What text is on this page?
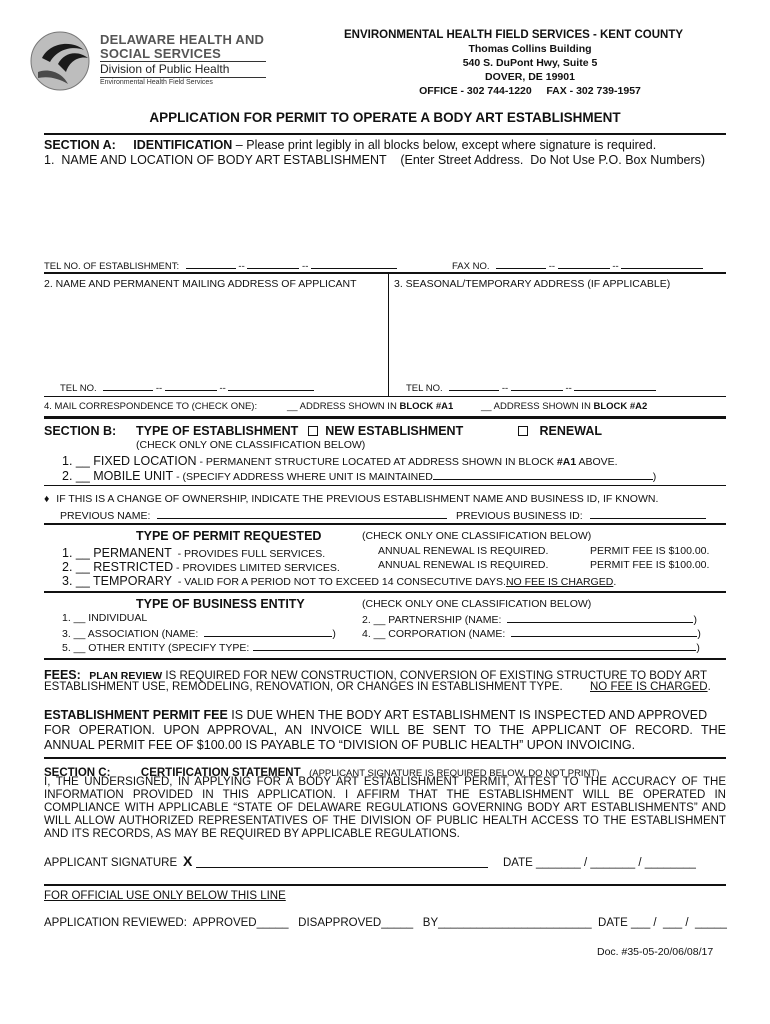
DELAWARE HEALTH AND
SOCIAL SERVICES
Division of Public Health
Environmental Health Field Services
ENVIRONMENTAL HEALTH FIELD SERVICES - KENT COUNTY
Thomas Collins Building
540 S. DuPont Hwy, Suite 5
DOVER, DE 19901
OFFICE - 302 744-1220     FAX - 302 739-1957
APPLICATION FOR PERMIT TO OPERATE A BODY ART ESTABLISHMENT
SECTION A: IDENTIFICATION – Please print legibly in all blocks below, except where signature is required.
1.  NAME AND LOCATION OF BODY ART ESTABLISHMENT    (Enter Street Address.  Do Not Use P.O. Box Numbers)
TEL NO. OF ESTABLISHMENT:	--	--	FAX NO.	--	--
2. NAME AND PERMANENT MAILING ADDRESS OF APPLICANT	3. SEASONAL/TEMPORARY ADDRESS (IF APPLICABLE)
TEL NO.	--	--	TEL NO.	--	--
4. MAIL CORRESPONDENCE TO (CHECK ONE):	__ ADDRESS SHOWN IN BLOCK #A1	__ ADDRESS SHOWN IN BLOCK #A2
SECTION B: TYPE OF ESTABLISHMENT NEW ESTABLISHMENT	RENEWAL
(CHECK ONLY ONE CLASSIFICATION BELOW)
1. __ FIXED LOCATION - PERMANENT STRUCTURE LOCATED AT ADDRESS SHOWN IN BLOCK #A1 ABOVE.
2. __ MOBILE UNIT - (SPECIFY ADDRESS WHERE UNIT IS MAINTAINED	)
♦ IF THIS IS A CHANGE OF OWNERSHIP, INDICATE THE PREVIOUS ESTABLISHMENT NAME AND BUSINESS ID, IF KNOWN.
PREVIOUS NAME:	PREVIOUS BUSINESS ID:
TYPE OF PERMIT REQUESTED	(CHECK ONLY ONE CLASSIFICATION BELOW)
1. __ PERMANENT  - PROVIDES FULL SERVICES.	ANNUAL RENEWAL IS REQUIRED.	PERMIT FEE IS $100.00.
2. __ RESTRICTED - PROVIDES LIMITED SERVICES.	ANNUAL RENEWAL IS REQUIRED.	PERMIT FEE IS $100.00.
3. __ TEMPORARY  - VALID FOR A PERIOD NOT TO EXCEED 14 CONSECUTIVE DAYS.NO FEE IS CHARGED.
TYPE OF BUSINESS ENTITY	(CHECK ONLY ONE CLASSIFICATION BELOW)
1. __ INDIVIDUAL	2. __ PARTNERSHIP (NAME:	)
3. __ ASSOCIATION (NAME:	) 4. __ CORPORATION (NAME:	)
5. __ OTHER ENTITY (SPECIFY TYPE:	)
FEES: PLAN REVIEW IS REQUIRED FOR NEW CONSTRUCTION, CONVERSION OF EXISTING STRUCTURE TO BODY ART
ESTABLISHMENT USE, REMODELING, RENOVATION, OR CHANGES IN ESTABLISHMENT TYPE. NO FEE IS CHARGED.
ESTABLISHMENT PERMIT FEE IS DUE WHEN THE BODY ART ESTABLISHMENT IS INSPECTED AND APPROVED
FOR OPERATION. UPON APPROVAL, AN INVOICE WILL BE SENT TO THE APPLICANT OF RECORD. THE
ANNUAL PERMIT FEE OF $100.00 IS PAYABLE TO “DIVISION OF PUBLIC HEALTH” UPON INVOICING.
SECTION C:	CERTIFICATION STATEMENT (APPLICANT SIGNATURE IS REQUIRED BELOW. DO NOT PRINT)
I, THE UNDERSIGNED, IN APPLYING FOR A BODY ART ESTABLISHMENT PERMIT, ATTEST TO THE ACCURACY OF THE
INFORMATION PROVIDED IN THIS APPLICATION. I AFFIRM THAT THE ESTABLISHMENT WILL BE OPERATED IN
COMPLIANCE WITH APPLICABLE “STATE OF DELAWARE REGULATIONS GOVERNING BODY ART ESTABLISHMENTS” AND
WILL ALLOW AUTHORIZED REPRESENTATIVES OF THE DIVISION OF PUBLIC HEALTH ACCESS TO THE ESTABLISHMENT
AND ITS RECORDS, AS MAY BE REQUIRED BY APPLICABLE REGULATIONS.
APPLICANT SIGNATURE X	DATE _______ / _______ / ________
FOR OFFICIAL USE ONLY BELOW THIS LINE
APPLICATION REVIEWED:  APPROVED_____   DISAPPROVED_____   BY________________________  DATE ___ /  ___ /  _____
Doc. #35-05-20/06/08/17
